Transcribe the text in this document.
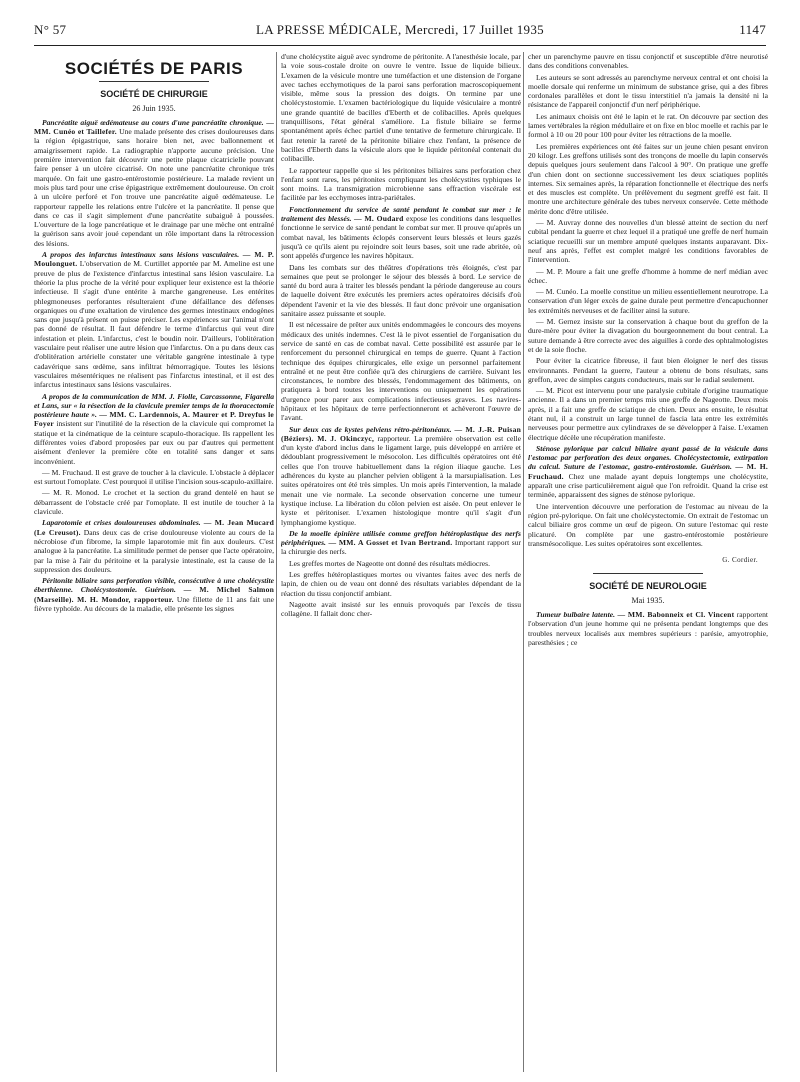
N° 57	LA PRESSE MÉDICALE, Mercredi, 17 Juillet 1935	1147
SOCIÉTÉS DE PARIS
SOCIÉTÉ DE CHIRURGIE
26 Juin 1935.

Pancréatite aiguë œdémateuse au cours d'une pancréatite chronique. — MM. Cunéo et Taillefer. Une malade présente des crises douloureuses dans la région épigastrique, sans horaire bien net, avec ballonnement et amaigrissement rapide. La radiographie n'apporte aucune précision. Une première intervention fait découvrir une petite plaque cicatricielle pouvant faire penser à un ulcère cicatrisé. On note une pancréatite chronique très marquée. On fait une gastro-entérostomie postérieure. La malade revient un mois plus tard pour une crise épigastrique extrêmement douloureuse. On croit à un ulcère perforé et l'on trouve une pancréatite aiguë œdémateuse. Le rapporteur rappelle les relations entre l'ulcère et la pancréatite. Il pense que dans ce cas il s'agit simplement d'une pancréatite subaiguë à poussées. L'ouverture de la loge pancréatique et le drainage par une mèche ont entraîné la guérison sans avoir joué cependant un rôle important dans la rétrocession des lésions.

A propos des infarctus intestinaux sans lésions vasculaires. — M. P. Moulonguet. L'observation de M. Curtillet apportée par M. Ameline est une preuve de plus de l'existence d'infarctus intestinal sans lésion vasculaire. La théorie la plus proche de la vérité pour expliquer leur existence est la théorie infectieuse. Il s'agit d'une entérite à marche gangreneuse. Les entérites phlegmoneuses perforantes résulteraient d'une défaillance des défenses organiques ou d'une exaltation de virulence des germes intestinaux endogènes sans que jusqu'à présent on puisse préciser. Les expériences sur l'animal n'ont pas donné de résultat. Il faut défendre le terme d'infarctus qui veut dire infestation et plein. L'infarctus, c'est le boudin noir. D'ailleurs, l'oblitération vasculaire peut réaliser une autre lésion que l'infarctus. On a pu dans deux cas d'oblitération artérielle constater une véritable gangrène intestinale à type cadavérique sans œdème, sans infiltrat hémorragique. Toutes les lésions vasculaires mésentériques ne réalisent pas l'infarctus intestinal, et il est des infarctus intestinaux sans lésions vasculaires.

A propos de la communication de MM. J. Fiolle, Carcassonne, Figarella et Lans, sur « la résection de la clavicule premier temps de la thoracectomie postérieure haute ». — MM. C. Lardennois, A. Maurer et P. Dreyfus le Foyer insistent sur l'inutilité de la résection de la clavicule qui compromet la statique et la cinématique de la ceinture scapulo-thoracique. Ils rappellent les différentes voies d'abord proposées par eux ou par d'autres qui permettent aisément d'enlever la première côte en totalité sans danger et sans inconvénient.

— M. Fruchaud. Il est grave de toucher à la clavicule. L'obstacle à déplacer est surtout l'omoplate. C'est pourquoi il utilise l'incision sous-scapulo-axillaire.

— M. R. Monod. Le crochet et la section du grand dentelé en haut se débarrassent de l'obstacle créé par l'omoplate. Il est inutile de toucher à la clavicule.

Laparotomie et crises douloureuses abdominales. — M. Jean Mucard (Le Creusot). Dans deux cas de crise douloureuse violente au cours de la nécrobiose d'un fibrome, la simple laparotomie mit fin aux douleurs. C'est analogue à la pancréatite. La similitude permet de penser que l'acte opératoire, par la mise à l'air du péritoine et la paralysie intestinale, est la cause de la suppression des douleurs.

Péritonite biliaire sans perforation visible, consécutive à une cholécystite éberthienne. Cholécystostomie. Guérison. — M. Michel Salmon (Marseille). M. H. Mondor, rapporteur. Une fillette de 11 ans fait une fièvre typhoïde. Au décours de la maladie, elle présente les signes

d'une cholécystite aiguë avec syndrome de péritonite. A l'anesthésie locale, par la voie sous-costale droite on ouvre le ventre. Issue de liquide bilieux. L'examen de la vésicule montre une tuméfaction et une distension de l'organe avec taches ecchymotiques de la paroi sans perforation macroscopiquement visible, même sous la pression des doigts. On termine par une cholécystostomie. L'examen bactériologique du liquide vésiculaire a montré une grande quantité de bacilles d'Eberth et de colibacilles. Après quelques tranquillisons, l'état général s'améliore. La fistule biliaire se ferme spontanément après échec partiel d'une tentative de fermeture chirurgicale. Il faut retenir la rareté de la péritonite biliaire chez l'enfant, la présence de bacilles d'Eberth dans la vésicule alors que le liquide péritonéal contenait du colibacille.

Le rapporteur rappelle que si les péritonites biliaires sans perforation chez l'enfant sont rares, les péritonites compliquant les cholécystites typhiques le sont moins. La transmigration microbienne sans effraction viscérale est facilitée par les ecchymoses intra-pariétales.

Fonctionnement du service de santé pendant le combat sur mer : le traitement des blessés. — M. Oudard expose les conditions dans lesquelles fonctionne le service de santé pendant le combat sur mer. Il prouve qu'après un combat naval, les bâtiments éclopés conservent leurs blessés et leurs gazés jusqu'à ce qu'ils aient pu rejoindre soit leurs bases, soit une rade abritée, où sont appelés d'urgence les navires hôpitaux.

Dans les combats sur des théâtres d'opérations très éloignés, c'est par semaines que peut se prolonger le séjour des blessés à bord. Le service de santé du bord aura à traiter les blessés pendant la période dangereuse au cours de laquelle doivent être exécutés les premiers actes opératoires décisifs d'où dépendent l'avenir et la vie des blessés. Il faut donc prévoir une organisation sanitaire assez puissante et souple.

Il est nécessaire de prêter aux unités endommagées le concours des moyens médicaux des unités indemnes. C'est là le pivot essentiel de l'organisation du service de santé en cas de combat naval. Cette possibilité est assurée par le renforcement du personnel chirurgical en temps de guerre. Quant à l'action technique des équipes chirurgicales, elle exige un personnel parfaitement entraîné et ne peut être confiée qu'à des chirurgiens de carrière. Suivant les circonstances, le nombre des blessés, l'endommagement des bâtiments, on pratiquera à bord toutes les interventions ou uniquement les opérations d'urgence pour parer aux complications infectieuses graves. Les navires-hôpitaux et les hôpitaux de terre perfectionneront et achèveront l'œuvre de l'avant.

Sur deux cas de kystes pelviens rétro-péritonéaux. — M. J.-R. Puisan (Béziers). M. J. Okinczyc, rapporteur. La première observation est celle d'un kyste d'abord inclus dans le ligament large, puis développé en arrière et dédoublant progressivement le mésocolon. Les difficultés opératoires ont été celles que l'on trouve habituellement dans la région iliaque gauche. Les adhérences du kyste au plancher pelvien obligent à la marsupialisation. Les suites opératoires ont été très simples. Un mois après l'intervention, la malade menait une vie normale. La seconde observation concerne une tumeur kystique incluse. La libération du côlon pelvien est aisée. On peut enlever le kyste et péritoniser. L'examen histologique montre qu'il s'agit d'un lymphangiome kystique.

De la moelle épinière utilisée comme greffon hétéroplastique des nerfs périphériques. — MM. A Gosset et Ivan Bertrand. Important rapport sur la chirurgie des nerfs.

Les greffes mortes de Nageotte ont donné des résultats médiocres.

Les greffes hétéroplastiques mortes ou vivantes faites avec des nerfs de lapin, de chien ou de veau ont donné des résultats variables dépendant de la réaction du tissu conjonctif ambiant.

Nageotte avait insisté sur les ennuis provoqués par l'excès de tissu collagène. Il fallait donc cher-

cher un parenchyme pauvre en tissu conjonctif et susceptible d'être neurotisé dans des conditions convenables.

Les auteurs se sont adressés au parenchyme nerveux central et ont choisi la moelle dorsale qui renferme un minimum de substance grise, qui a des fibres cordonales parallèles et dont le tissu interstitiel n'a jamais la densité ni la résistance de l'appareil conjonctif d'un nerf périphérique.

Les animaux choisis ont été le lapin et le rat. On découvre par section des lames vertébrales la région médullaire et on fixe en bloc moelle et rachis par le formol à 10 ou 20 pour 100 pour éviter les rétractions de la moelle.

Les premières expériences ont été faites sur un jeune chien pesant environ 20 kilogr. Les greffons utilisés sont des tronçons de moelle du lapin conservés depuis quelques jours seulement dans l'alcool à 90°. On pratique une greffe d'un chien dont on sectionne successivement les deux sciatiques poplités internes. Six semaines après, la réparation fonctionnelle et électrique des nerfs et des muscles est complète. Un prélèvement du segment greffé est fait. Il montre une architecture générale des tubes nerveux conservée. Cette méthode mérite donc d'être utilisée.

— M. Auvray donne des nouvelles d'un blessé atteint de section du nerf cubital pendant la guerre et chez lequel il a pratiqué une greffe de nerf humain sciatique recueilli sur un membre amputé quelques instants auparavant. Dix-neuf ans après, l'effet est complet malgré les conditions favorables de l'intervention.

— M. P. Moure a fait une greffe d'homme à homme de nerf médian avec échec.

— M. Cunéo. La moelle constitue un milieu essentiellement neurotrope. La conservation d'un léger excès de gaine durale peut permettre d'encapuchonner les extrémités nerveuses et de faciliter ainsi la suture.

— M. Gernez insiste sur la conservation à chaque bout du greffon de la dure-mère pour éviter la divagation du bourgeonnement du bout central. La suture demande à être correcte avec des aiguilles à corde des ophtalmologistes et de la soie floche.

Pour éviter la cicatrice fibreuse, il faut bien éloigner le nerf des tissus environnants. Pendant la guerre, l'auteur a obtenu de bons résultats, sans greffon, avec de simples catguts conducteurs, mais sur le radial seulement.

— M. Picot est intervenu pour une paralysie cubitale d'origine traumatique ancienne. Il a dans un premier temps mis une greffe de Nageotte. Deux mois après, il a fait une greffe de sciatique de chien. Deux ans ensuite, le résultat étant nul, il a construit un large tunnel de fascia lata entre les extrémités nerveuses pour permettre aux cylindraxes de se développer à l'aise. L'examen électrique décèle une récupération manifeste.

Sténose pylorique par calcul biliaire ayant passé de la vésicule dans l'estomac par perforation des deux organes. Cholécystectomie, extirpation du calcul. Suture de l'estomac, gastro-entérostomie. Guérison. — M. H. Fruchaud. Chez une malade ayant depuis longtemps une cholécystite, apparaît une crise particulièrement aiguë que l'on refroidit. Quand la crise est terminée, apparaissent des signes de sténose pylorique.

Une intervention découvre une perforation de l'estomac au niveau de la région pré-pylorique. On fait une cholécystectomie. On extrait de l'estomac un calcul biliaire gros comme un œuf de pigeon. On suture l'estomac qui reste plicaturé. On complète par une gastro-entérostomie postérieure transmésocolique. Les suites opératoires sont excellentes.

G. Cordier.
SOCIÉTÉ DE NEUROLOGIE
Mai 1935.

Tumeur bulbaire latente. — MM. Babonneix et Cl. Vincent rapportent l'observation d'un jeune homme qui ne présenta pendant longtemps que des troubles nerveux localisés aux membres supérieurs : parésie, amyotrophie, paresthésies ; ce
